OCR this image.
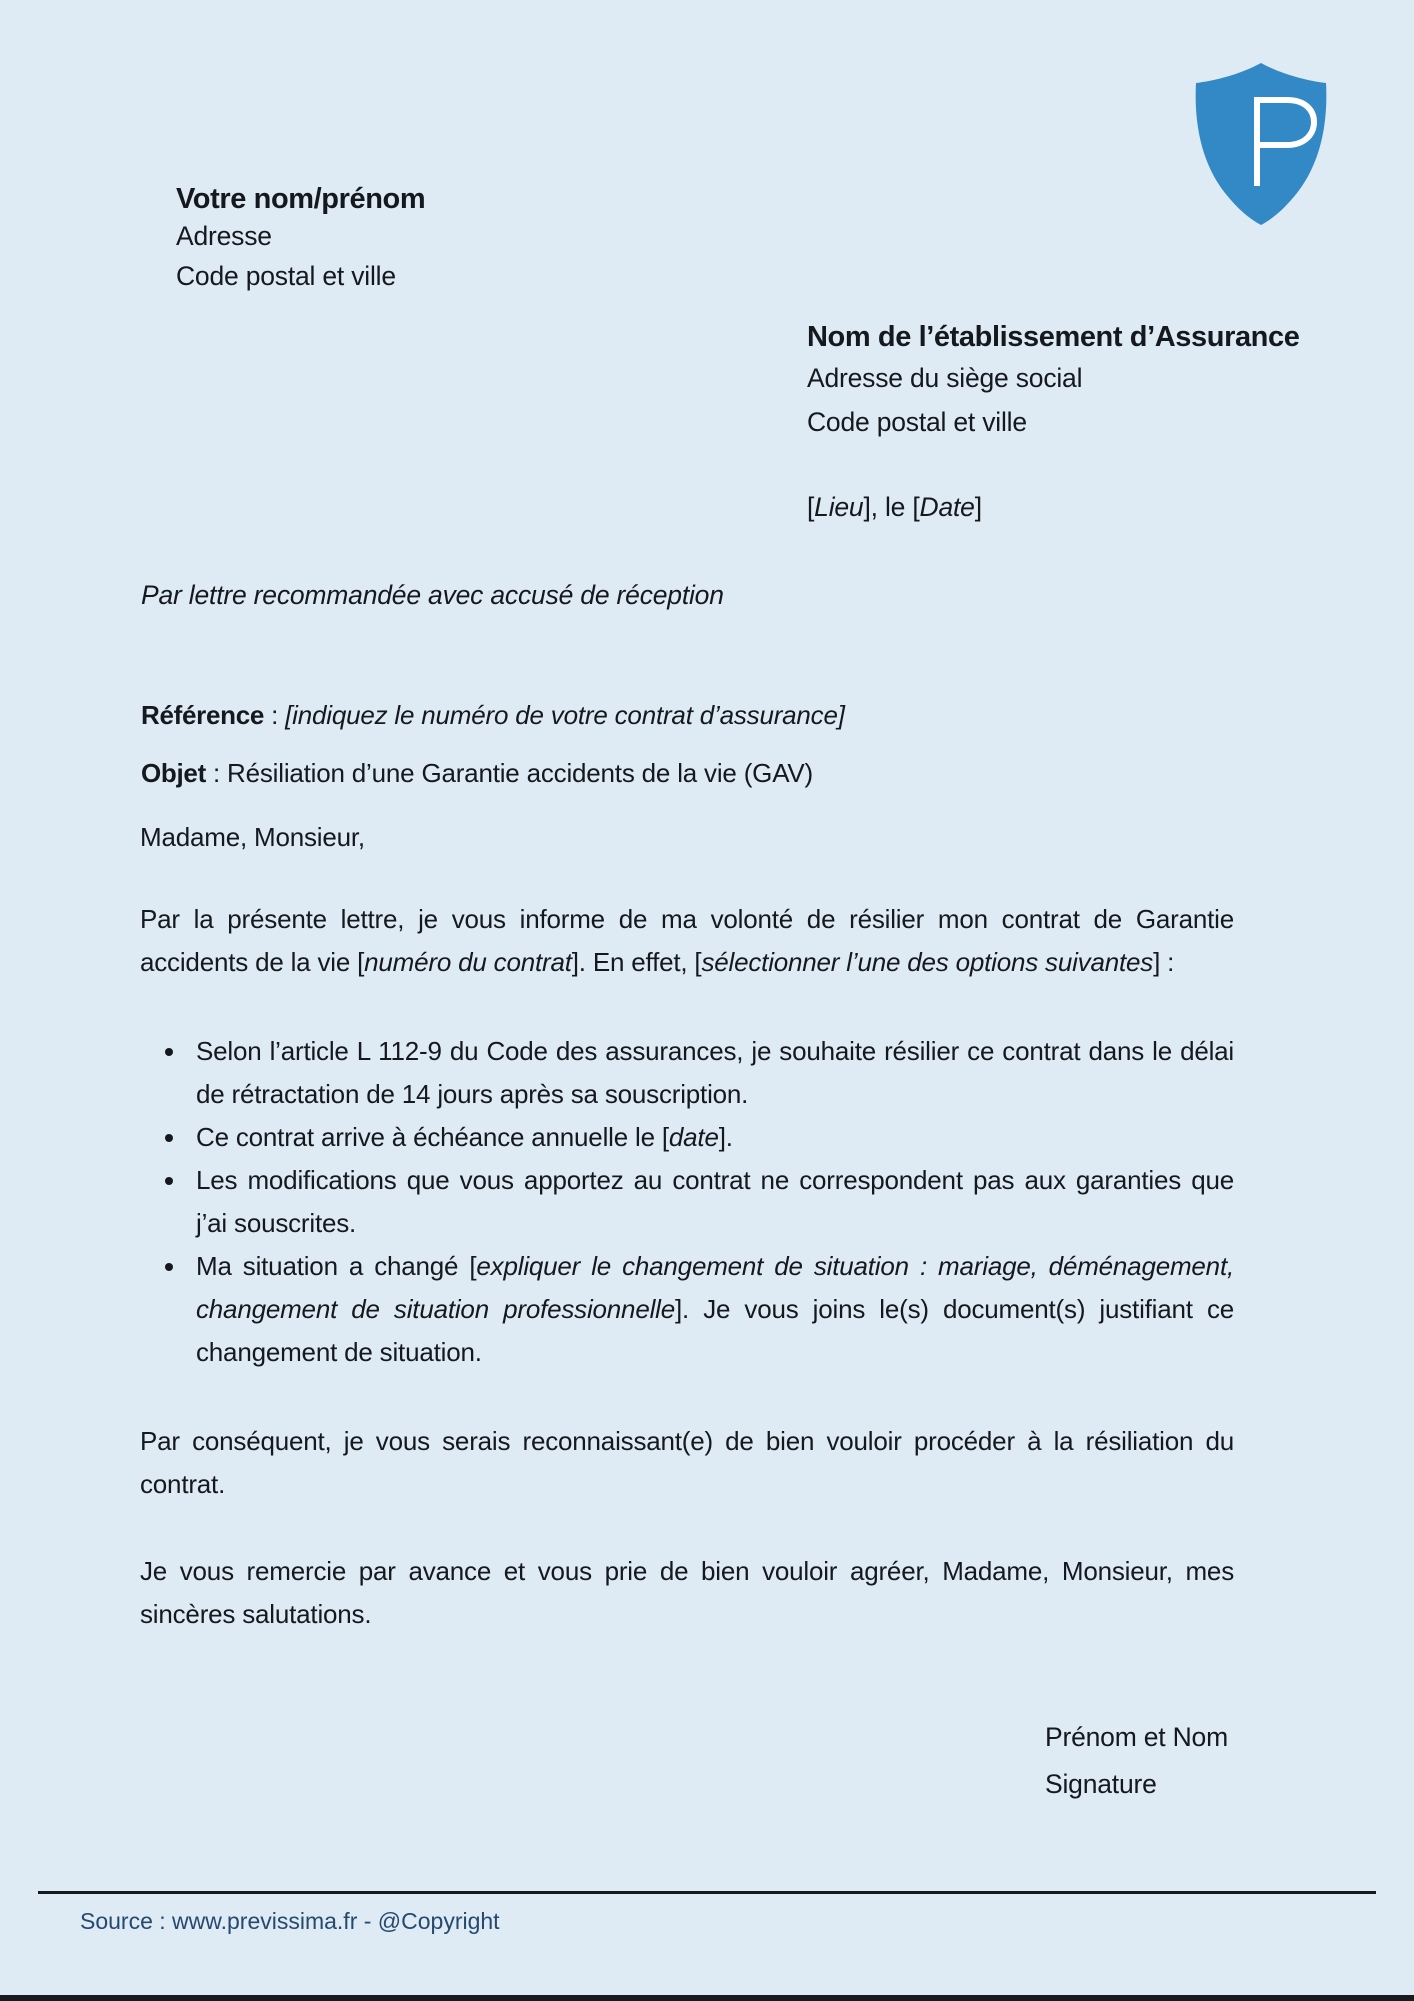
Votre nom/prénom
Adresse
Code postal et ville
Nom de l’établissement d’Assurance
Adresse du siège social
Code postal et ville
[Lieu], le [Date]
Par lettre recommandée avec accusé de réception
Référence : [indiquez le numéro de votre contrat d’assurance]
Objet : Résiliation d’une Garantie accidents de la vie (GAV)
Madame, Monsieur,

Par la présente lettre, je vous informe de ma volonté de résilier mon contrat de Garantie accidents de la vie [numéro du contrat]. En effet, [sélectionner l’une des options suivantes] :

• Selon l’article L 112-9 du Code des assurances, je souhaite résilier ce contrat dans le délai de rétractation de 14 jours après sa souscription.
• Ce contrat arrive à échéance annuelle le [date].
• Les modifications que vous apportez au contrat ne correspondent pas aux garanties que j’ai souscrites.
• Ma situation a changé [expliquer le changement de situation : mariage, déménagement, changement de situation professionnelle]. Je vous joins le(s) document(s) justifiant ce changement de situation.

Par conséquent, je vous serais reconnaissant(e) de bien vouloir procéder à la résiliation du contrat.

Je vous remercie par avance et vous prie de bien vouloir agréer, Madame, Monsieur, mes sincères salutations.

Prénom et Nom
Signature
Source : www.previssima.fr - @Copyright
